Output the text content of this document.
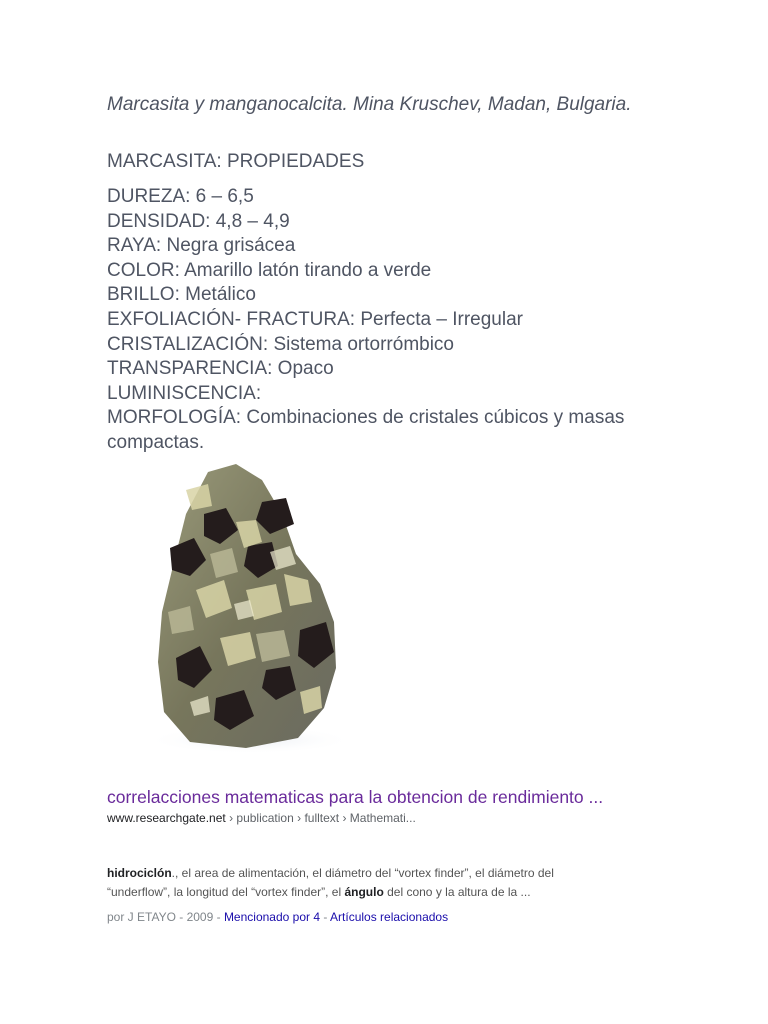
Marcasita y manganocalcita. Mina Kruschev, Madan, Bulgaria.

MARCASITA: PROPIEDADES

DUREZA: 6 – 6,5
DENSIDAD: 4,8 – 4,9
RAYA: Negra grisácea
COLOR: Amarillo latón tirando a verde
BRILLO: Metálico
EXFOLIACIÓN- FRACTURA: Perfecta – Irregular
CRISTALIZACIÓN: Sistema ortorrómbico
TRANSPARENCIA: Opaco
LUMINISCENCIA:
MORFOLOGÍA: Combinaciones de cristales cúbicos y masas compactas.
correlacciones matematicas para la obtencion de rendimiento ...
www.researchgate.net › publication › fulltext › Mathemati...

hidrociclón., el area de alimentación, el diámetro del “vortex finder”, el diámetro del “underflow”, la longitud del “vortex finder”, el ángulo del cono y la altura de la ...

por J ETAYO - 2009 - Mencionado por 4 - Artículos relacionados
